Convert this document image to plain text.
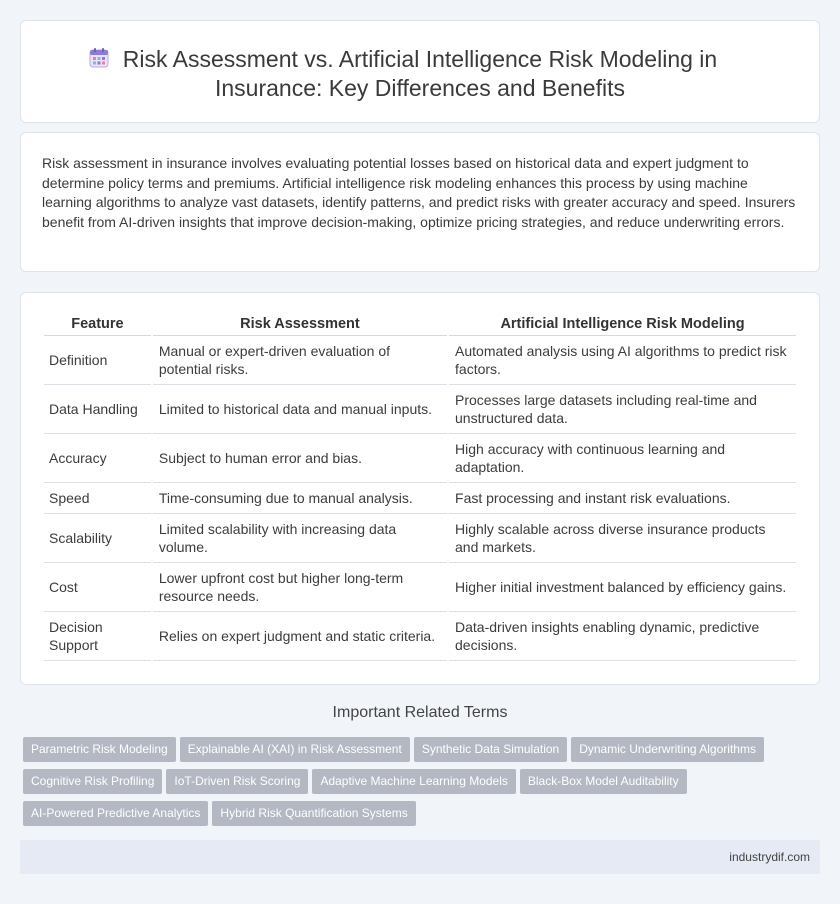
Risk Assessment vs. Artificial Intelligence Risk Modeling in Insurance: Key Differences and Benefits

Risk assessment in insurance involves evaluating potential losses based on historical data and expert judgment to determine policy terms and premiums. Artificial intelligence risk modeling enhances this process by using machine learning algorithms to analyze vast datasets, identify patterns, and predict risks with greater accuracy and speed. Insurers benefit from AI-driven insights that improve decision-making, optimize pricing strategies, and reduce underwriting errors.

Feature	Risk Assessment	Artificial Intelligence Risk Modeling
Definition	Manual or expert-driven evaluation of potential risks.	Automated analysis using AI algorithms to predict risk factors.
Data Handling	Limited to historical data and manual inputs.	Processes large datasets including real-time and unstructured data.
Accuracy	Subject to human error and bias.	High accuracy with continuous learning and adaptation.
Speed	Time-consuming due to manual analysis.	Fast processing and instant risk evaluations.
Scalability	Limited scalability with increasing data volume.	Highly scalable across diverse insurance products and markets.
Cost	Lower upfront cost but higher long-term resource needs.	Higher initial investment balanced by efficiency gains.
Decision Support	Relies on expert judgment and static criteria.	Data-driven insights enabling dynamic, predictive decisions.
Important Related Terms
Parametric Risk Modeling Explainable AI (XAI) in Risk Assessment Synthetic Data Simulation Dynamic Underwriting Algorithms
Cognitive Risk Profiling IoT-Driven Risk Scoring Adaptive Machine Learning Models Black-Box Model Auditability
AI-Powered Predictive Analytics Hybrid Risk Quantification Systems
industrydif.com
